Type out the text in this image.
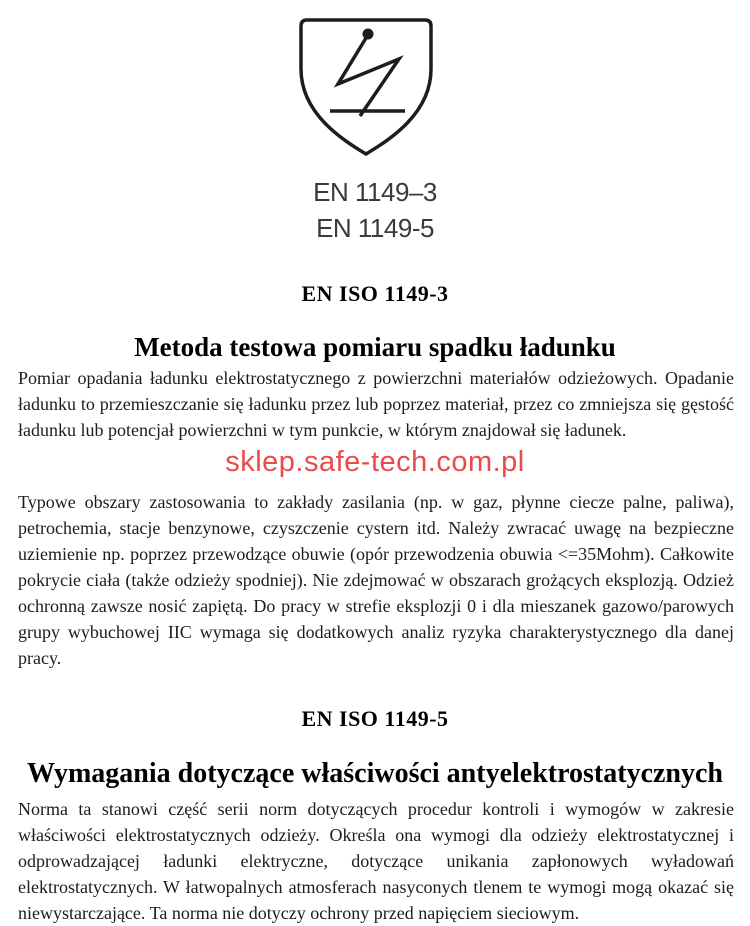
EN 1149–3
EN 1149-5
EN ISO 1149-3
Metoda testowa pomiaru spadku ładunku

Pomiar opadania ładunku elektrostatycznego z powierzchni materiałów odzieżowych. Opadanie ładunku to przemieszczanie się ładunku przez lub poprzez materiał, przez co zmniejsza się gęstość ładunku lub potencjał powierzchni w tym punkcie, w którym znajdował się ładunek.

sklep.safe-tech.com.pl

Typowe obszary zastosowania to zakłady zasilania (np. w gaz, płynne ciecze palne, paliwa), petrochemia, stacje benzynowe, czyszczenie cystern itd. Należy zwracać uwagę na bezpieczne uziemienie np. poprzez przewodzące obuwie (opór przewodzenia obuwia <=35Mohm). Całkowite pokrycie ciała (także odzieży spodniej). Nie zdejmować w obszarach grożących eksplozją. Odzież ochronną zawsze nosić zapiętą. Do pracy w strefie eksplozji 0 i dla mieszanek gazowo/parowych grupy wybuchowej IIC wymaga się dodatkowych analiz ryzyka charakterystycznego dla danej pracy.

EN ISO 1149-5
Wymagania dotyczące właściwości antyelektrostatycznych

Norma ta stanowi część serii norm dotyczących procedur kontroli i wymogów w zakresie właściwości elektrostatycznych odzieży. Określa ona wymogi dla odzieży elektrostatycznej i odprowadzającej ładunki elektryczne, dotyczące unikania zapłonowych wyładowań elektrostatycznych. W łatwopalnych atmosferach nasyconych tlenem te wymogi mogą okazać się niewystarczające. Ta norma nie dotyczy ochrony przed napięciem sieciowym.
